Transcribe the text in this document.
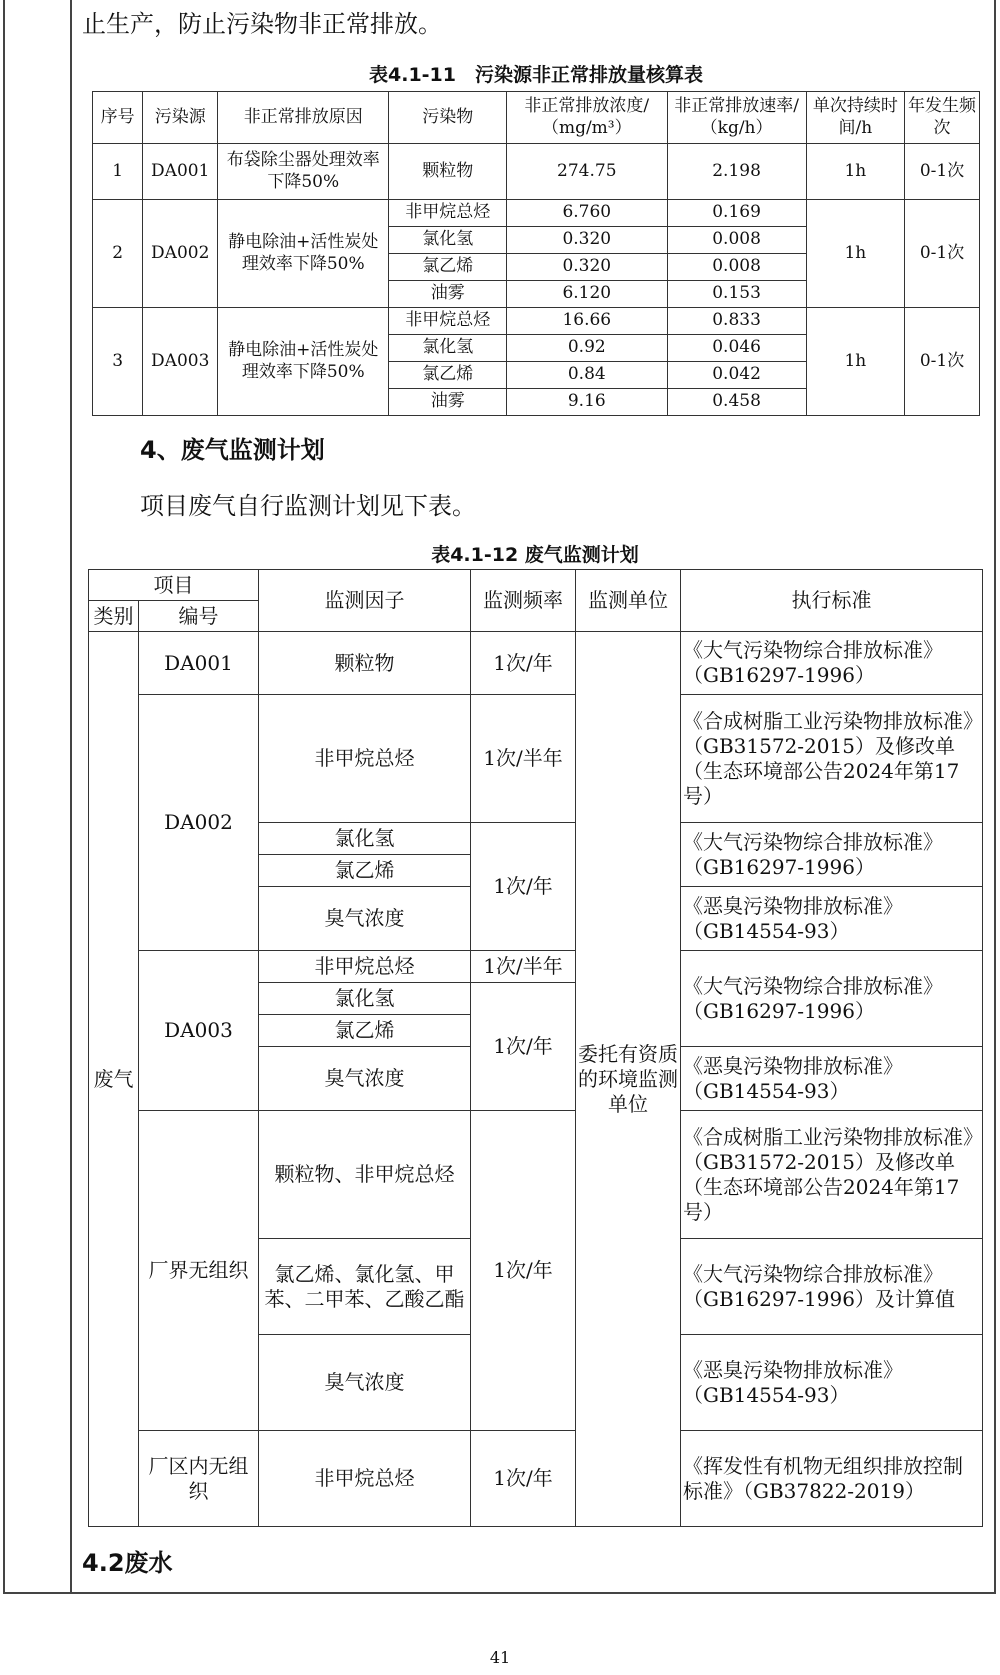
止生产，防止污染物非正常排放。
表4.1-11　污染源非正常排放量核算表
序号	污染源	非正常排放原因	污染物	非正常排放浓度/（mg/m³）	非正常排放速率/（kg/h）	单次持续时间/h	年发生频次
1	DA001	布袋除尘器处理效率下降50%	颗粒物	274.75	2.198	1h	0-1次
2	DA002	静电除油+活性炭处理效率下降50%	非甲烷总烃	6.760	0.169	1h	0-1次
			氯化氢	0.320	0.008		
			氯乙烯	0.320	0.008		
			油雾	6.120	0.153		
3	DA003	静电除油+活性炭处理效率下降50%	非甲烷总烃	16.66	0.833	1h	0-1次
			氯化氢	0.92	0.046		
			氯乙烯	0.84	0.042		
			油雾	9.16	0.458		
4、废气监测计划
项目废气自行监测计划见下表。
表4.1-12 废气监测计划
项目		监测因子	监测频率	监测单位	执行标准
类别	编号				
废气	DA001	颗粒物	1次/年	委托有资质的环境监测单位	《大气污染物综合排放标准》（GB16297-1996）
	DA002	非甲烷总烃	1次/半年		《合成树脂工业污染物排放标准》（GB31572-2015）及修改单（生态环境部公告2024年第17号）
		氯化氢	1次/年		《大气污染物综合排放标准》（GB16297-1996）
		氯乙烯			
		臭气浓度			《恶臭污染物排放标准》（GB14554-93）
	DA003	非甲烷总烃	1次/半年		《大气污染物综合排放标准》（GB16297-1996）
		氯化氢	1次/年		
		氯乙烯			
		臭气浓度			《恶臭污染物排放标准》（GB14554-93）
	厂界无组织	颗粒物、非甲烷总烃	1次/年		《合成树脂工业污染物排放标准》（GB31572-2015）及修改单（生态环境部公告2024年第17号）
		氯乙烯、氯化氢、甲苯、二甲苯、乙酸乙酯			《大气污染物综合排放标准》（GB16297-1996）及计算值
		臭气浓度			《恶臭污染物排放标准》（GB14554-93）
	厂区内无组织	非甲烷总烃	1次/年		《挥发性有机物无组织排放控制标准》（GB37822-2019）
4.2废水
41
